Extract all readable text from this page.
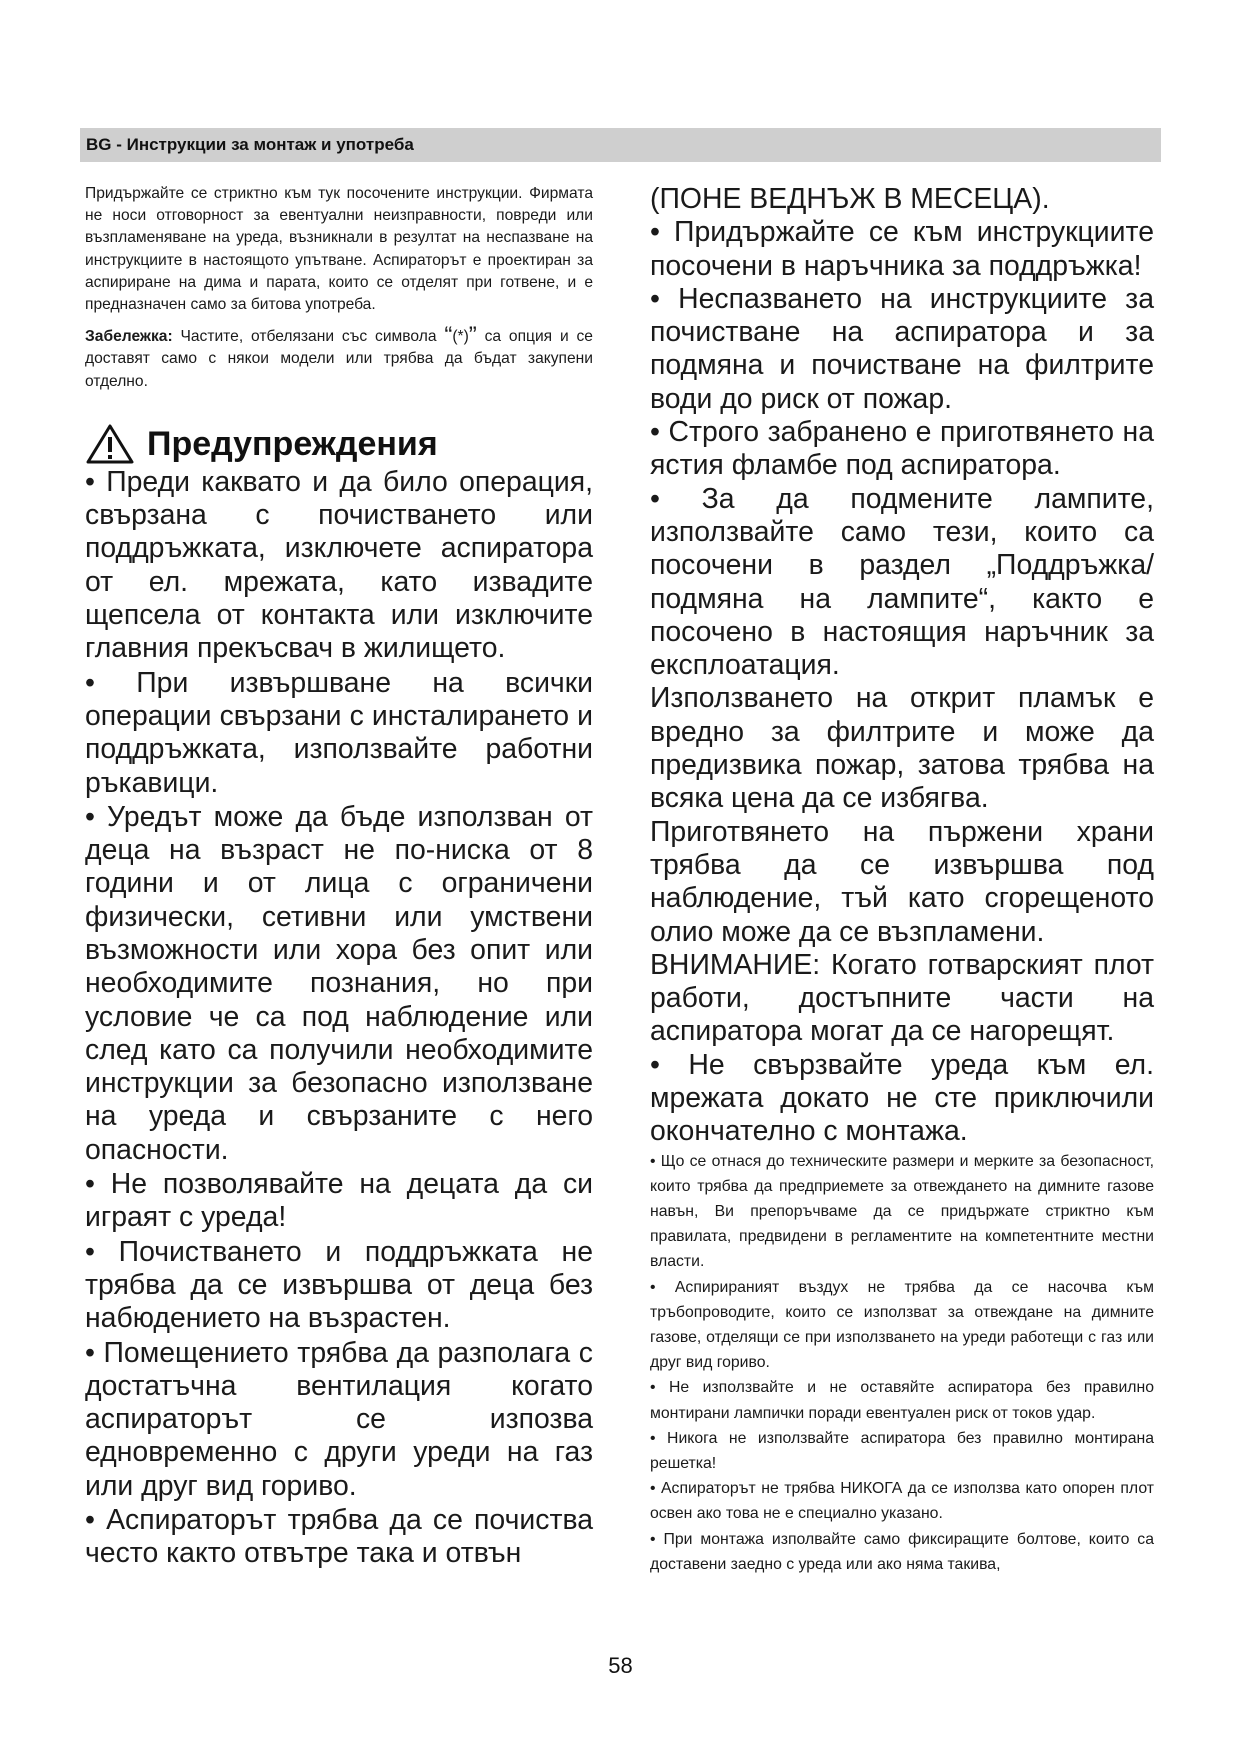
BG - Инструкции за монтаж и употреба

Придържайте се стриктно към тук посочените инструкции. Фирмата не носи отговорност за евентуални неизправности, повреди или възпламеняване на уреда, възникнали в резултат на неспазване на инструкциите в настоящото упътване. Аспираторът е проектиран за аспириране на дима и парата, които се отделят при готвене, и е предназначен само за битова употреба.

Забележка: Частите, отбелязани със символа “(*)” са опция и се доставят само с някои модели или трябва да бъдат закупени отделно.

Предупреждения

• Преди каквато и да било операция, свързана с почистването или поддръжката, изключете аспиратора от ел. мрежата, като извадите щепсела от контакта или изключите главния прекъсвач в жилището.

• При извършване на всички операции свързани с инсталирането и поддръжката, използвайте работни ръкавици.

• Уредът може да бъде използван от деца на възраст не по-ниска от 8 години и от лица с ограничени физически, сетивни или умствени възможности или хора без опит или необходимите познания, но при условие че са под наблюдение или след като са получили необходимите инструкции за безопасно използване на уреда и свързаните с него опасности.

• Не позволявайте на децата да си играят с уреда!

• Почистването и поддръжката не трябва да се извършва от деца без набюдението на възрастен.

• Помещението трябва да разполага с достатъчна вентилация когато аспираторът се изпозва едновременно с други уреди на газ или друг вид гориво.

• Аспираторът трябва да се почиства често както отвътре така и отвън

(ПОНЕ ВЕДНЪЖ В МЕСЕЦА).

• Придържайте се към инструкциите посочени в наръчника за поддръжка!

• Неспазването на инструкциите за почистване на аспиратора и за подмяна и почистване на филтрите води до риск от пожар.

• Строго забранено е приготвянето на ястия фламбе под аспиратора.

• За да подмените лампите, използвайте само тези, които са посочени в раздел „Поддръжка/подмяна на лампите“, както е посочено в настоящия наръчник за експлоатация.

Използването на открит пламък е вредно за филтрите и може да предизвика пожар, затова трябва на всяка цена да се избягва.

Приготвянето на пържени храни трябва да се извършва под наблюдение, тъй като сгорещеното олио може да се възпламени.

ВНИМАНИЕ: Когато готварският плот работи, достъпните части на аспиратора могат да се нагорещят.

• Не свързвайте уреда към ел. мрежата докато не сте приключили окончателно с монтажа.

• Що се отнася до техническите размери и мерките за безопасност, които трябва да предприемете за отвеждането на димните газове навън, Ви препоръчваме да се придържате стриктно към правилата, предвидени в регламентите на компетентните местни власти.

• Аспирираният въздух не трябва да се насочва към тръбопроводите, които се използват за отвеждане на димните газове, отделящи се при използването на уреди работещи с газ или друг вид гориво.

• Не използвайте и не оставяйте аспиратора без правилно монтирани лампички поради евентуален риск от токов удар.

• Никога не използвайте аспиратора без правилно монтирана решетка!

• Аспираторът не трябва НИКОГА да се използва като опорен плот освен ако това не е специално указано.

• При монтажа изполвайте само фиксиращите болтове, които са доставени заедно с уреда или ако няма такива,

58
